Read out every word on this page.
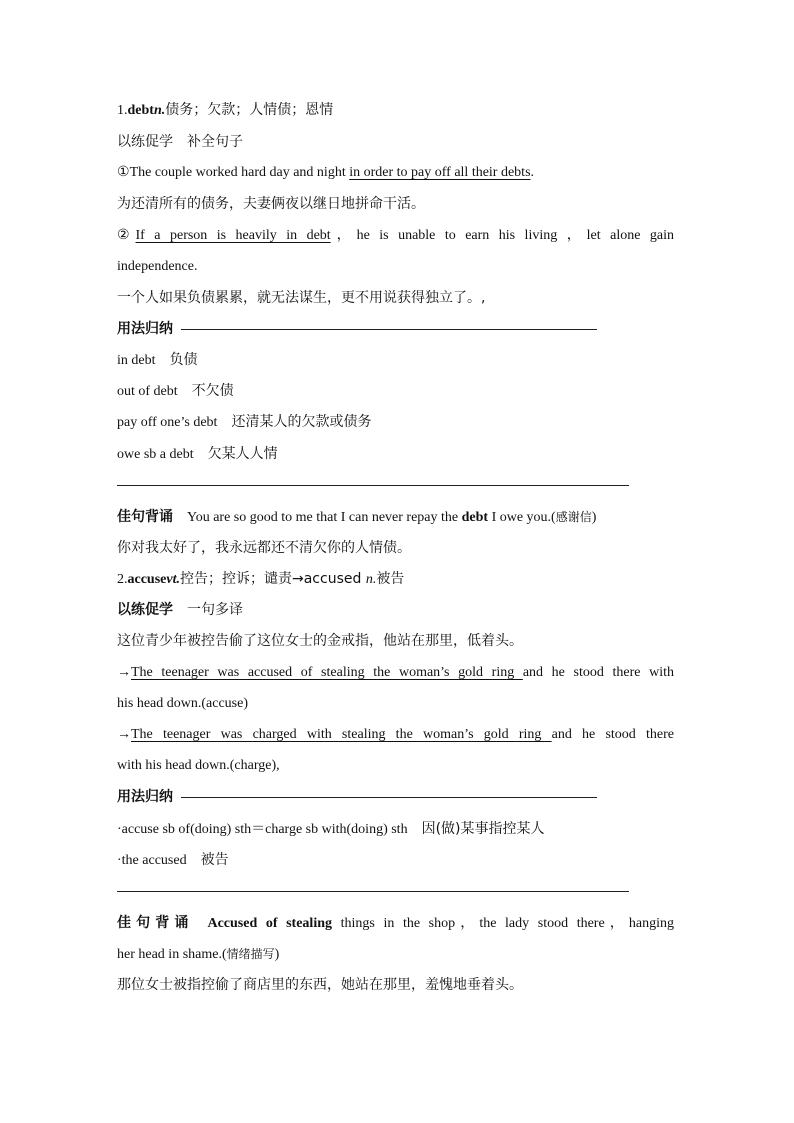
1.debtn.债务；欠款；人情债；恩情
以练促学 补全句子
①The couple worked hard day and night in order to pay off all their debts.
为还清所有的债务，夫妻俩夜以继日地拼命干活。
②If a person is heavily in debt，he is unable to earn his living ，let alone gain
independence.
一个人如果负债累累，就无法谋生，更不用说获得独立了。,
用法归纳
in debt 负债
out of debt 不欠债
pay off one’s debt 还清某人的欠款或债务
owe sb a debt 欠某人人情
佳句背诵 You are so good to me that I can never repay the debt I owe you.(感谢信)
你对我太好了，我永远都还不清欠你的人情债。
2.accusevt.控告；控诉；谴责→accused n.被告
以练促学 一句多译
这位青少年被控告偷了这位女士的金戒指，他站在那里，低着头。
→The teenager was accused of stealing the woman’s gold ring and he stood there with
his head down.(accuse)
→The teenager was charged with stealing the woman’s gold ring and he stood there
with his head down.(charge),
用法归纳
·accuse sb of(doing) sth＝charge sb with(doing) sth 因(做)某事指控某人
·the accused 被告
佳句背诵 Accused of stealing things in the shop，the lady stood there，hanging
her head in shame.(情绪描写)
那位女士被指控偷了商店里的东西，她站在那里，羞愧地垂着头。
